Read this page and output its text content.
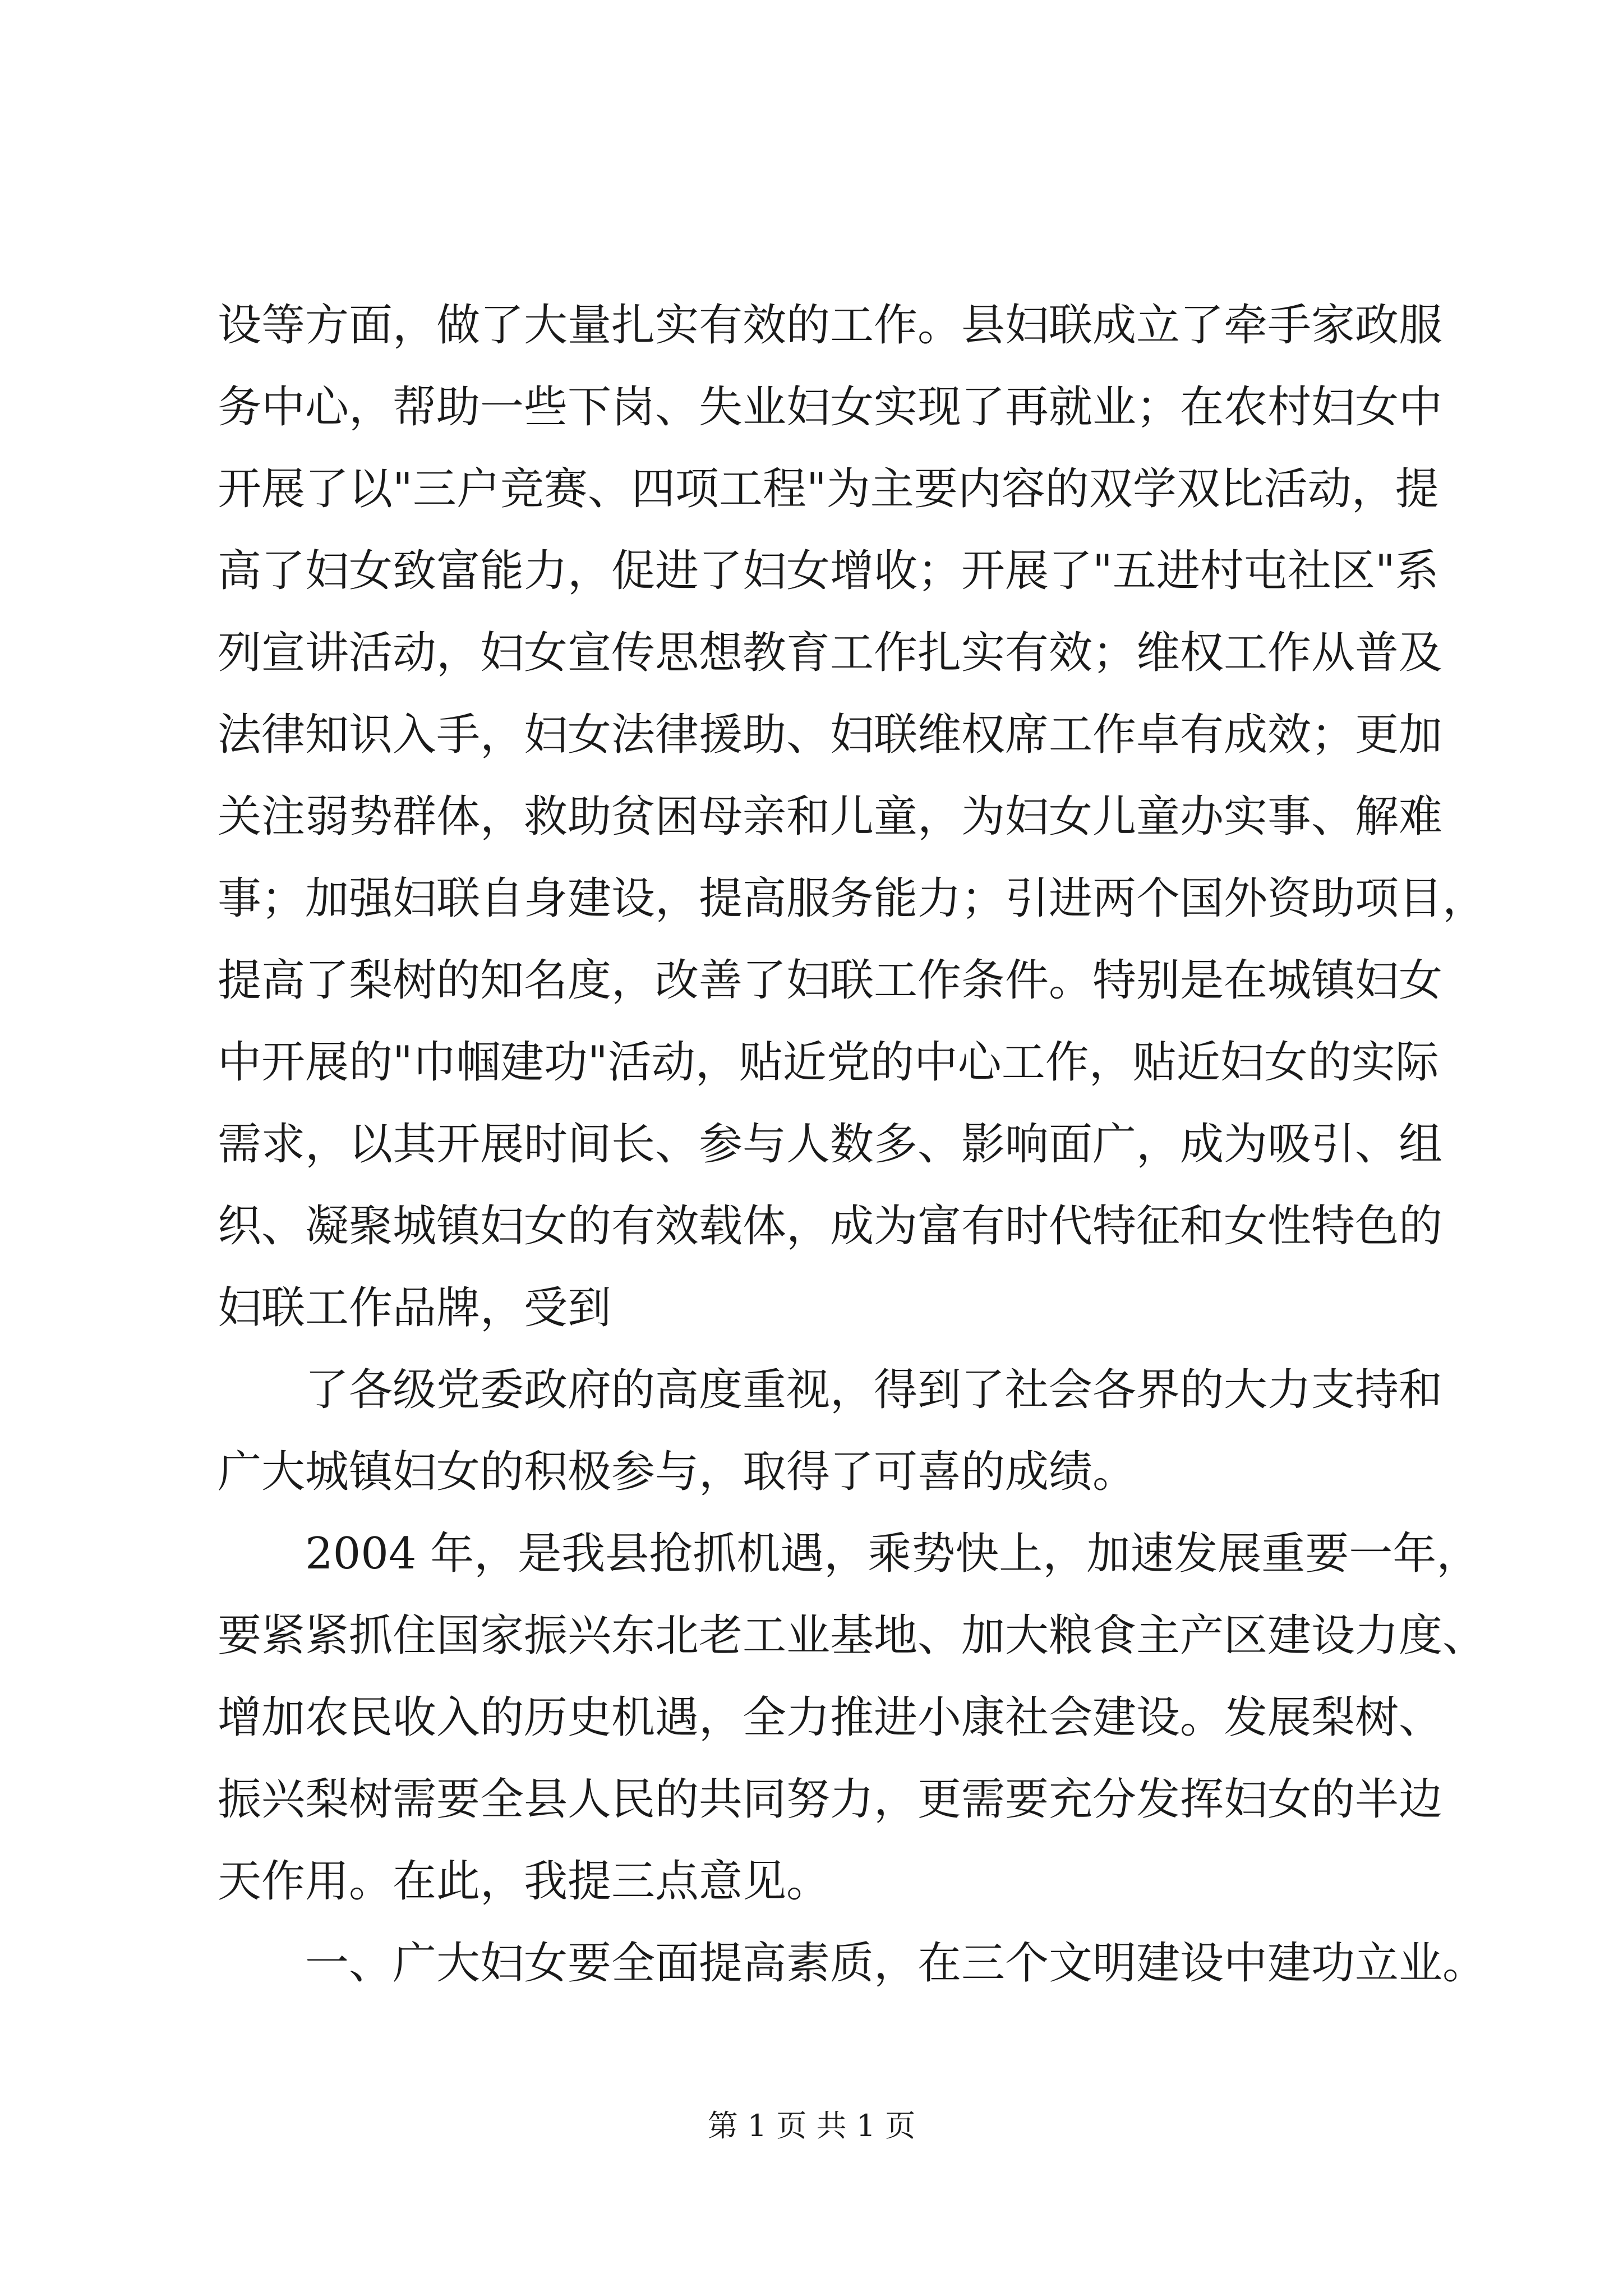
设等方面，做了大量扎实有效的工作。县妇联成立了牵手家政服
务中心，帮助一些下岗、失业妇女实现了再就业；在农村妇女中
开展了以"三户竞赛、四项工程"为主要内容的双学双比活动，提
高了妇女致富能力，促进了妇女增收；开展了"五进村屯社区"系
列宣讲活动，妇女宣传思想教育工作扎实有效；维权工作从普及
法律知识入手，妇女法律援助、妇联维权席工作卓有成效；更加
关注弱势群体，救助贫困母亲和儿童，为妇女儿童办实事、解难
事；加强妇联自身建设，提高服务能力；引进两个国外资助项目，
提高了梨树的知名度，改善了妇联工作条件。特别是在城镇妇女
中开展的"巾帼建功"活动，贴近党的中心工作，贴近妇女的实际
需求，以其开展时间长、参与人数多、影响面广，成为吸引、组
织、凝聚城镇妇女的有效载体，成为富有时代特征和女性特色的
妇联工作品牌，受到
了各级党委政府的高度重视，得到了社会各界的大力支持和
广大城镇妇女的积极参与，取得了可喜的成绩。
2004 年，是我县抢抓机遇，乘势快上，加速发展重要一年，
要紧紧抓住国家振兴东北老工业基地、加大粮食主产区建设力度、
增加农民收入的历史机遇，全力推进小康社会建设。发展梨树、
振兴梨树需要全县人民的共同努力，更需要充分发挥妇女的半边
天作用。在此，我提三点意见。
一、广大妇女要全面提高素质，在三个文明建设中建功立业。
第 1 页 共 1 页
